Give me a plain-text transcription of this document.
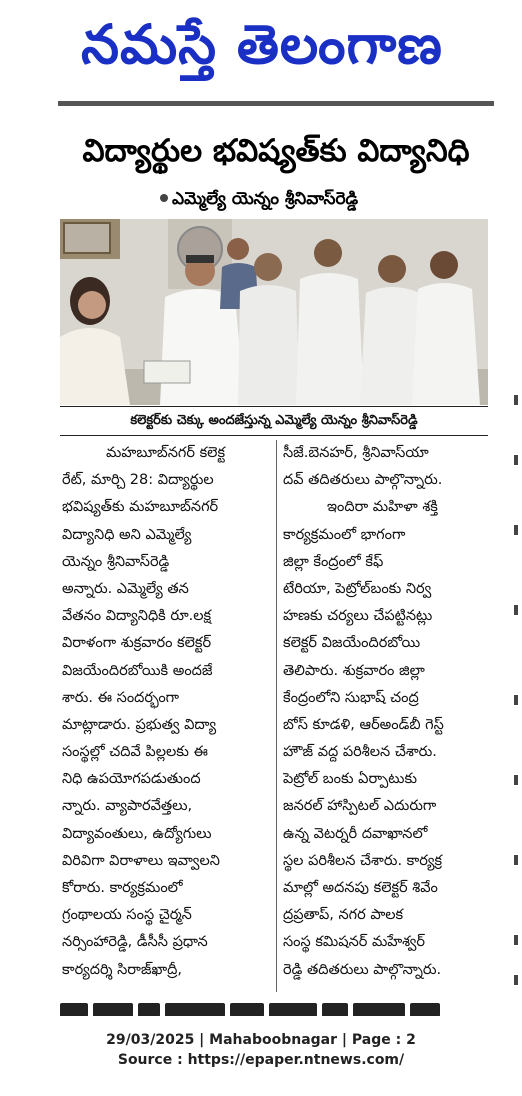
నమస్తే తెలంగాణ
విద్యార్థుల భవిష్యత్‌కు విద్యానిధి
ఎమ్మెల్యే యెన్నం శ్రీనివాస్‌రెడ్డి
కలెక్టర్‌కు చెక్కు అందజేస్తున్న ఎమ్మెల్యే యెన్నం శ్రీనివాస్‌రెడ్డి
మహబూబ్‌నగర్ కలెక్ట
రేట్, మార్చి 28: విద్యార్థుల
భవిష్యత్‌కు మహబూబ్‌నగర్
విద్యానిధి అని ఎమ్మెల్యే
యెన్నం శ్రీనివాస్‌రెడ్డి
అన్నారు. ఎమ్మెల్యే తన
వేతనం విద్యానిధికి రూ.లక్ష
విరాళంగా శుక్రవారం కలెక్టర్
విజయేందిరబోయికి అందజే
శారు. ఈ సందర్భంగా
మాట్లాడారు. ప్రభుత్వ విద్యా
సంస్థల్లో చదివే పిల్లలకు ఈ
నిధి ఉపయోగపడుతుంద
న్నారు. వ్యాపారవేత్తలు,
విద్యావంతులు, ఉద్యోగులు
విరివిగా విరాళాలు ఇవ్వాలని
కోరారు. కార్యక్రమంలో
గ్రంథాలయ సంస్థ చైర్మన్
నర్సింహారెడ్డి, డీసీసీ ప్రధాన
కార్యదర్శి సిరాజ్‌ఖాద్రీ,
సీజే.బెనహర్, శ్రీనివాస్‌యా
దవ్ తదితరులు పాల్గొన్నారు.
ఇందిరా మహిళా శక్తి
కార్యక్రమంలో భాగంగా
జిల్లా కేంద్రంలో కేఫ్
టేరియా, పెట్రోల్‌బంకు నిర్వ
హణకు చర్యలు చేపట్టినట్లు
కలెక్టర్ విజయేందిరబోయి
తెలిపారు. శుక్రవారం జిల్లా
కేంద్రంలోని సుభాష్ చంద్ర
బోస్ కూడళి, ఆర్‌అండ్‌బీ గెస్ట్
హౌజ్ వద్ద పరిశీలన చేశారు.
పెట్రోల్ బంకు ఏర్పాటుకు
జనరల్ హాస్పిటల్ ఎదురుగా
ఉన్న వెటర్నరీ దవాఖానలో
స్థల పరిశీలన చేశారు. కార్యక్ర
మాల్లో అదనపు కలెక్టర్ శివేం
ద్రప్రతాప్, నగర పాలక
సంస్థ కమిషనర్ మహేశ్వర్
రెడ్డి తదితరులు పాల్గొన్నారు.
29/03/2025 | Mahaboobnagar | Page : 2
Source : https://epaper.ntnews.com/
